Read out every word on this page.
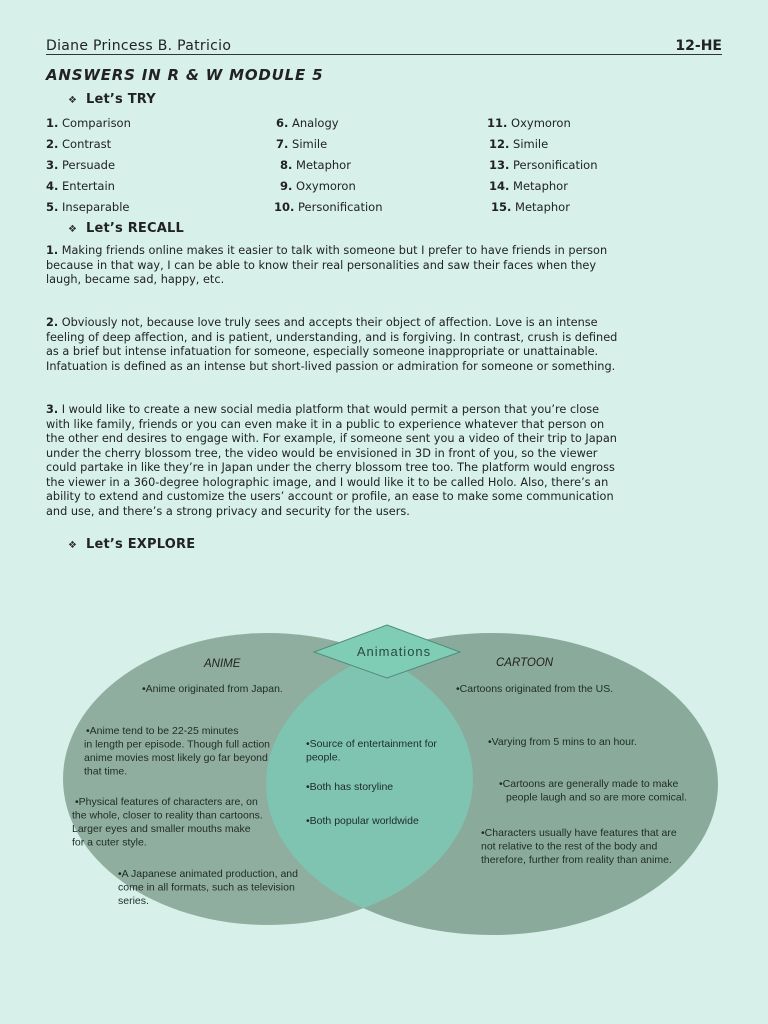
Diane Princess B. Patricio	12-HE
ANSWERS IN R & W MODULE 5
❖ Let’s TRY
1. Comparison
2. Contrast
3. Persuade
4. Entertain
5. Inseparable
6. Analogy
7. Simile
8. Metaphor
9. Oxymoron
10. Personification
11. Oxymoron
12. Simile
13. Personification
14. Metaphor
15. Metaphor
❖ Let’s RECALL
1. Making friends online makes it easier to talk with someone but I prefer to have friends in person
because in that way, I can be able to know their real personalities and saw their faces when they
laugh, became sad, happy, etc.
2. Obviously not, because love truly sees and accepts their object of affection. Love is an intense
feeling of deep affection, and is patient, understanding, and is forgiving. In contrast, crush is defined
as a brief but intense infatuation for someone, especially someone inappropriate or unattainable.
Infatuation is defined as an intense but short-lived passion or admiration for someone or something.
3. I would like to create a new social media platform that would permit a person that you’re close
with like family, friends or you can even make it in a public to experience whatever that person on
the other end desires to engage with. For example, if someone sent you a video of their trip to Japan
under the cherry blossom tree, the video would be envisioned in 3D in front of you, so the viewer
could partake in like they’re in Japan under the cherry blossom tree too. The platform would engross
the viewer in a 360-degree holographic image, and I would like it to be called Holo. Also, there’s an
ability to extend and customize the users’ account or profile, an ease to make some communication
and use, and there’s a strong privacy and security for the users.
❖ Let’s EXPLORE
Animations
ANIME	CARTOON
•Anime originated from Japan.
•Anime tend to be 22-25 minutes
in length per episode. Though full action
anime movies most likely go far beyond
that time.
•Physical features of characters are, on
the whole, closer to reality than cartoons.
Larger eyes and smaller mouths make
for a cuter style.
•A Japanese animated production, and
come in all formats, such as television
series.
•Source of entertainment for
people.
•Both has storyline
•Both popular worldwide
•Cartoons originated from the US.
•Varying from 5 mins to an hour.
•Cartoons are generally made to make
people laugh and so are more comical.
•Characters usually have features that are
not relative to the rest of the body and
therefore, further from reality than anime.
